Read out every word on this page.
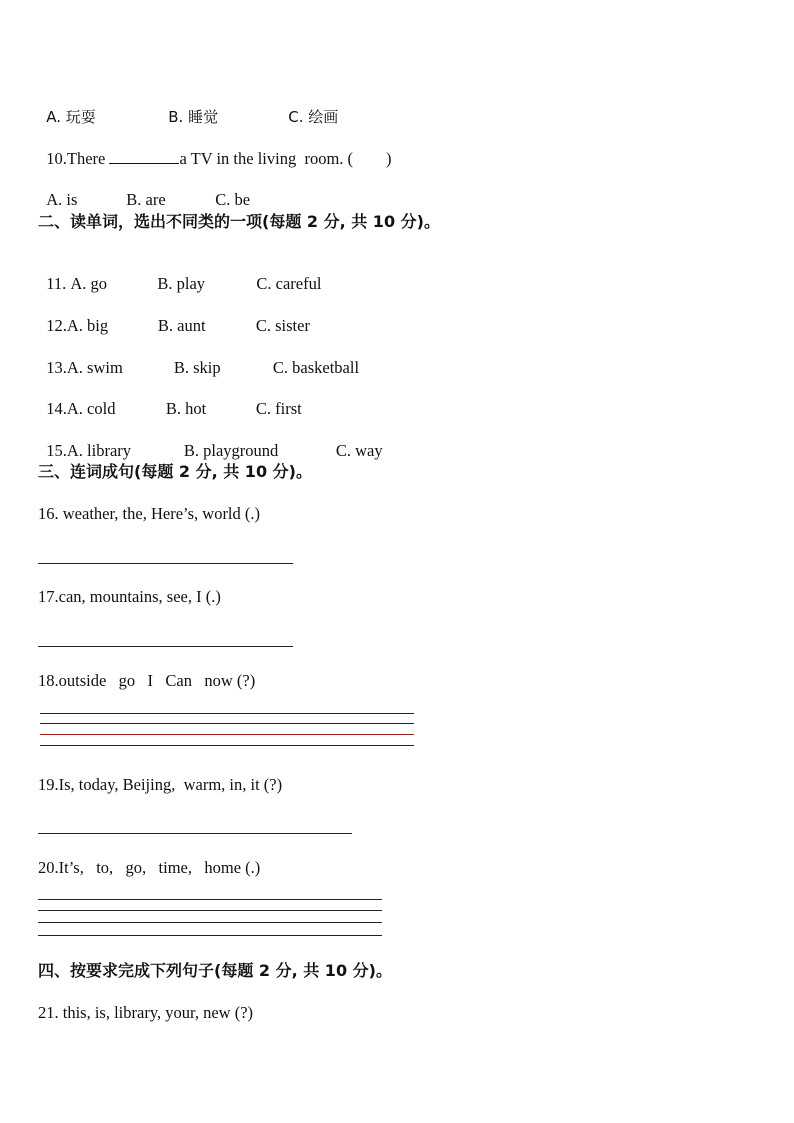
A. 玩耍	B. 睡觉	C. 绘画

10.There	a TV in the living  room. (        )

A. is	B. are	C. be

二、读单词，选出不同类的一项(每题 2 分, 共 10 分)。

11. A. go	B. play	C. careful

12.A. big	B. aunt	C. sister

13.A. swim	B. skip	C. basketball

14.A. cold	B. hot	C. first

15.A. library	B. playground	C. way

三、连词成句(每题 2 分, 共 10 分)。
16. weather, the, Here’s, world (.)
17.can, mountains, see, I (.)
18.outside   go   I   Can   now (?)
19.Is, today, Beijing,  warm, in, it (?)
20.It’s,   to,   go,   time,   home (.)
四、按要求完成下列句子(每题 2 分, 共 10 分)。
21. this, is, library, your, new (?)
